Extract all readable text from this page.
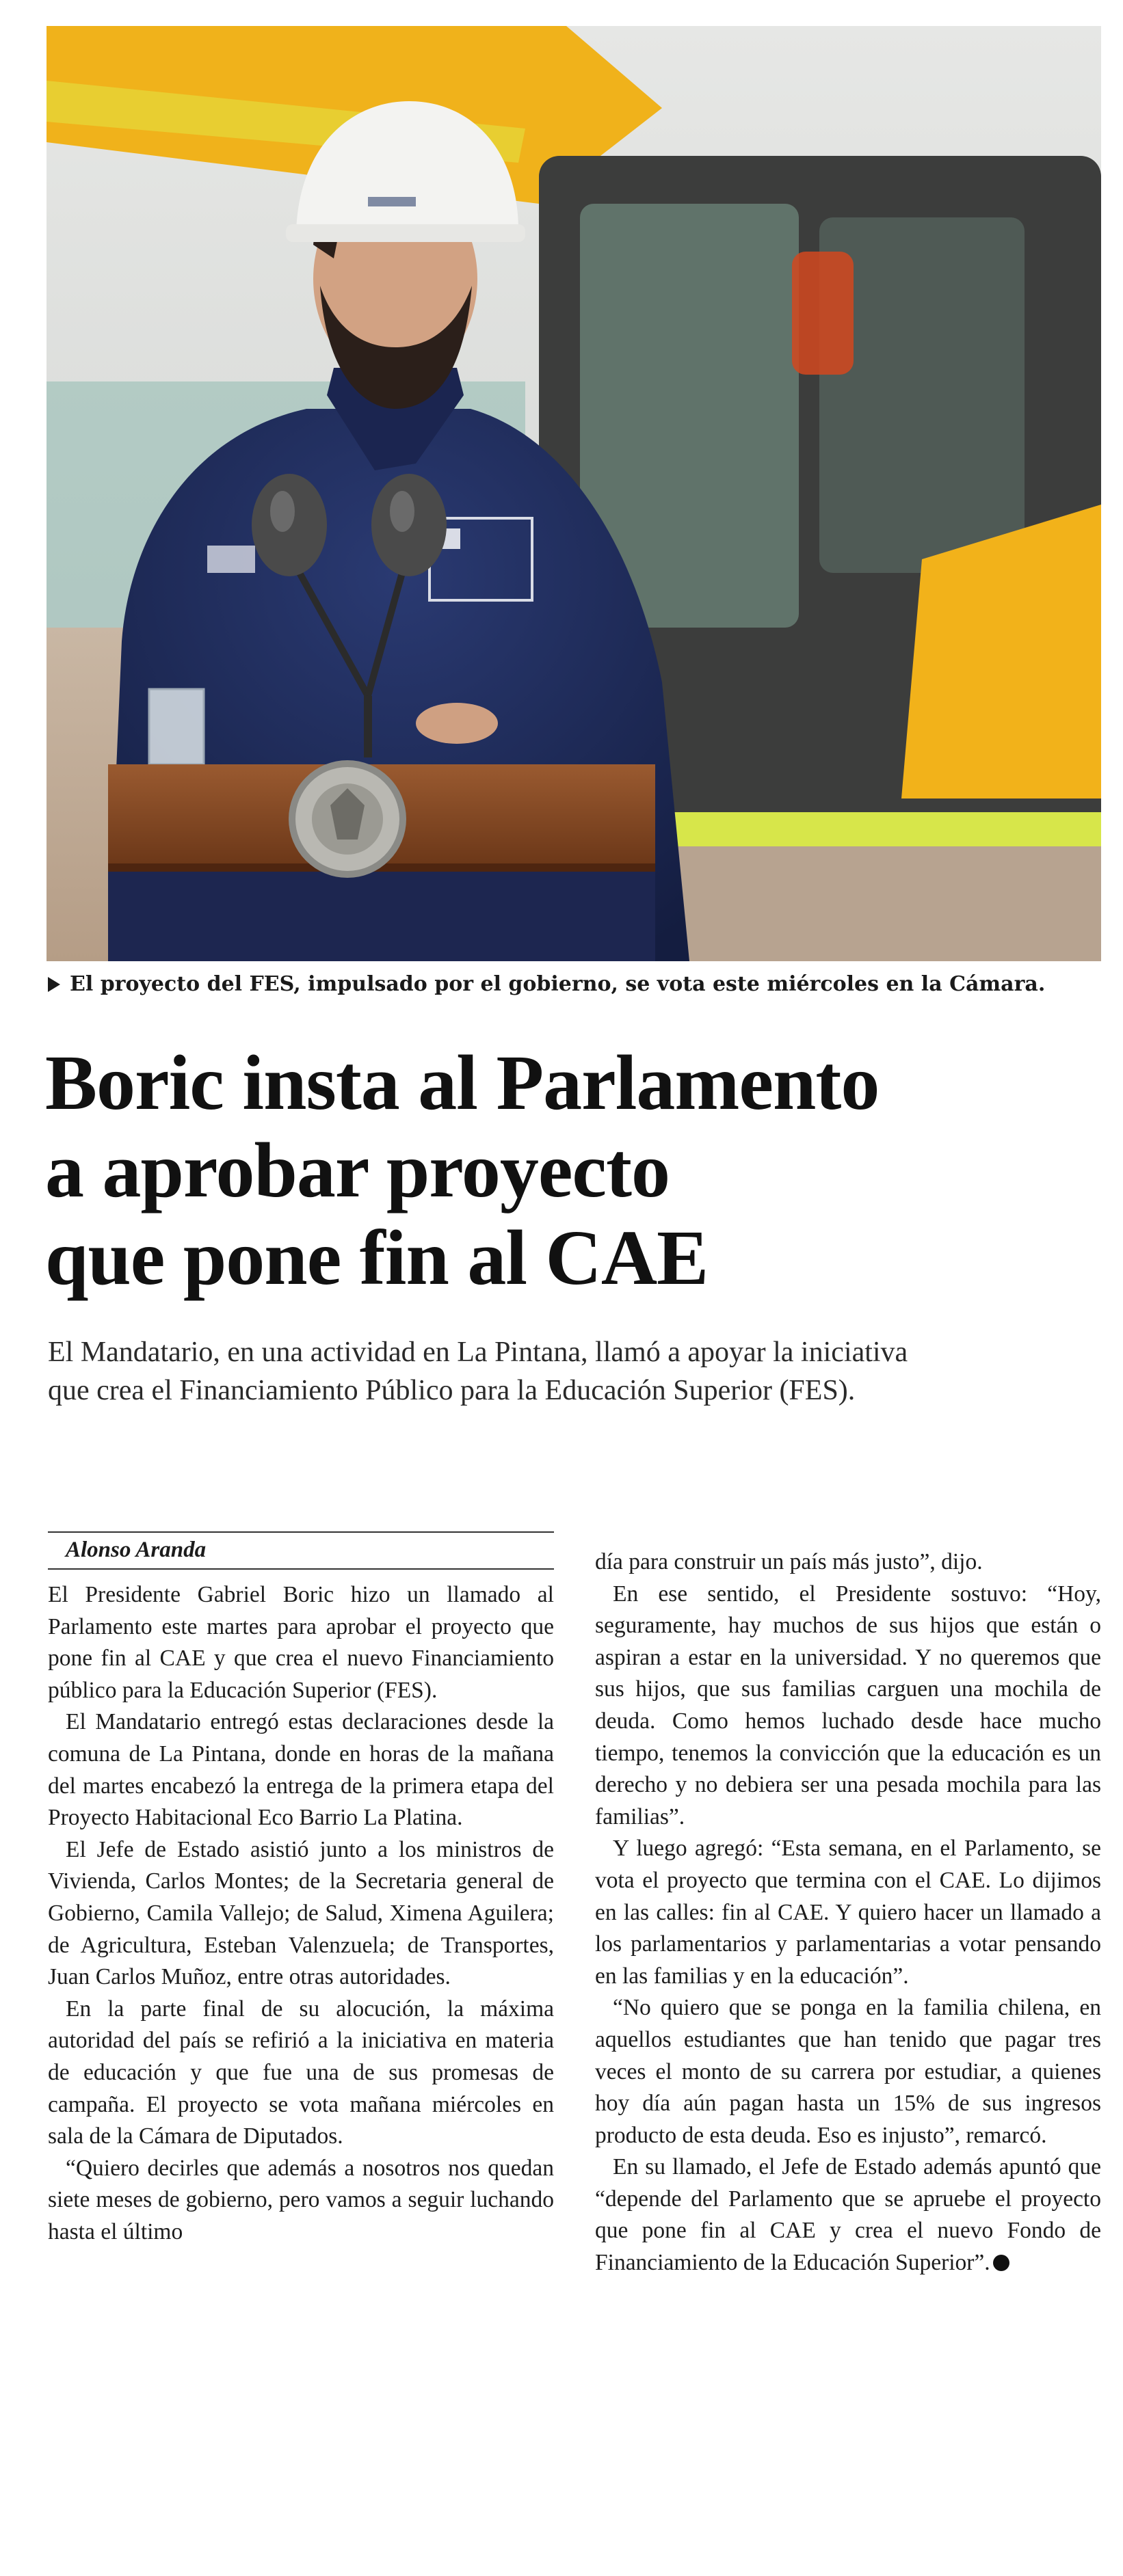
El proyecto del FES, impulsado por el gobierno, se vota este miércoles en la Cámara.
Boric insta al Parlamento
a aprobar proyecto
que pone fin al CAE
El Mandatario, en una actividad en La Pintana, llamó a apoyar la iniciativa
que crea el Financiamiento Público para la Educación Superior (FES).

Alonso Aranda

El Presidente Gabriel Boric hizo un llamado al Parlamento este martes para aprobar el proyecto que pone fin al CAE y que crea el nuevo Financiamiento público para la Educación Superior (FES).

El Mandatario entregó estas declaraciones desde la comuna de La Pintana, donde en horas de la mañana del martes encabezó la entrega de la primera etapa del Proyecto Habitacional Eco Barrio La Platina.

El Jefe de Estado asistió junto a los ministros de Vivienda, Carlos Montes; de la Secretaria general de Gobierno, Camila Vallejo; de Salud, Ximena Aguilera; de Agricultura, Esteban Valenzuela; de Transportes, Juan Carlos Muñoz, entre otras autoridades.

En la parte final de su alocución, la máxima autoridad del país se refirió a la iniciativa en materia de educación y que fue una de sus promesas de campaña. El proyecto se vota mañana miércoles en sala de la Cámara de Diputados.

“Quiero decirles que además a nosotros nos quedan siete meses de gobierno, pero vamos a seguir luchando hasta el último

día para construir un país más justo”, dijo.

En ese sentido, el Presidente sostuvo: “Hoy, seguramente, hay muchos de sus hijos que están o aspiran a estar en la universidad. Y no queremos que sus hijos, que sus familias carguen una mochila de deuda. Como hemos luchado desde hace mucho tiempo, tenemos la convicción que la educación es un derecho y no debiera ser una pesada mochila para las familias”.

Y luego agregó: “Esta semana, en el Parlamento, se vota el proyecto que termina con el CAE. Lo dijimos en las calles: fin al CAE. Y quiero hacer un llamado a los parlamentarios y parlamentarias a votar pensando en las familias y en la educación”.

“No quiero que se ponga en la familia chilena, en aquellos estudiantes que han tenido que pagar tres veces el monto de su carrera por estudiar, a quienes hoy día aún pagan hasta un 15% de sus ingresos producto de esta deuda. Eso es injusto”, remarcó.

En su llamado, el Jefe de Estado además apuntó que “depende del Parlamento que se apruebe el proyecto que pone fin al CAE y crea el nuevo Fondo de Financiamiento de la Educación Superior”.
